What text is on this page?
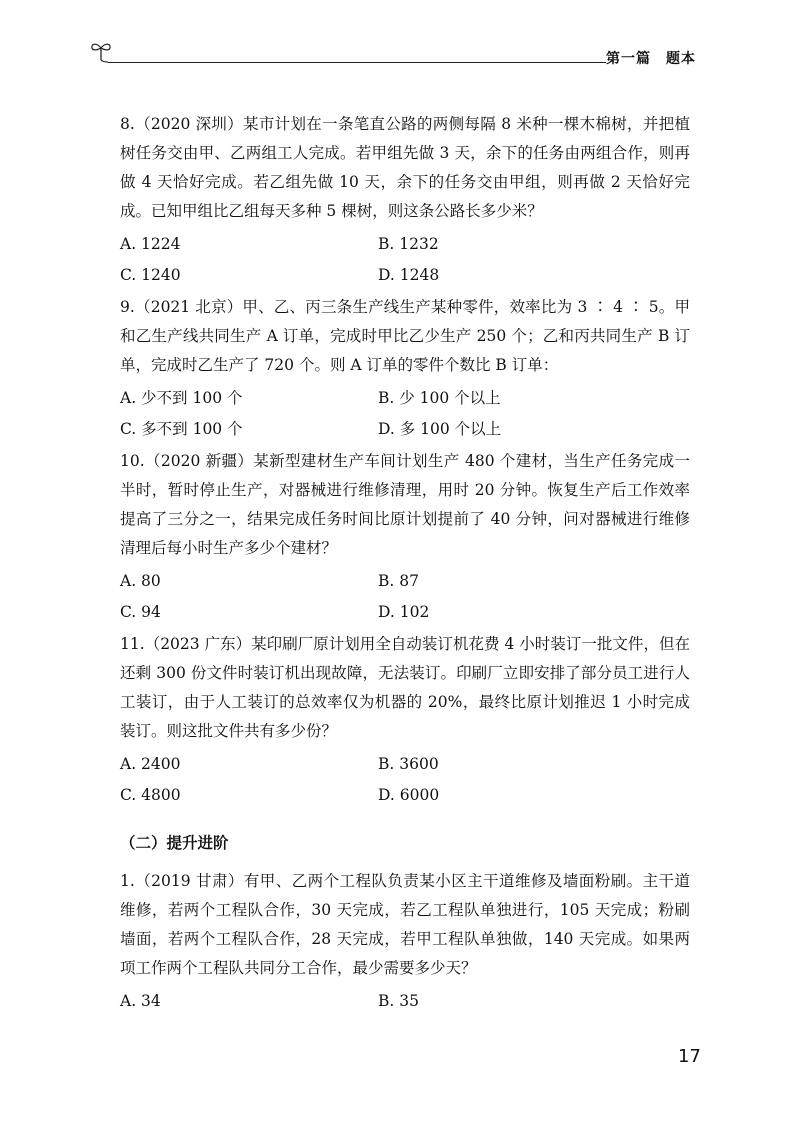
第一篇　题本

8.（2020 深圳）某市计划在一条笔直公路的两侧每隔 8 米种一棵木棉树，并把植树任务交由甲、乙两组工人完成。若甲组先做 3 天，余下的任务由两组合作，则再做 4 天恰好完成。若乙组先做 10 天，余下的任务交由甲组，则再做 2 天恰好完成。已知甲组比乙组每天多种 5 棵树，则这条公路长多少米？

A. 1224	B. 1232
C. 1240	D. 1248

9.（2021 北京）甲、乙、丙三条生产线生产某种零件，效率比为 3 ∶ 4 ∶ 5。甲和乙生产线共同生产 A 订单，完成时甲比乙少生产 250 个；乙和丙共同生产 B 订单，完成时乙生产了 720 个。则 A 订单的零件个数比 B 订单：

A. 少不到 100 个	B. 少 100 个以上
C. 多不到 100 个	D. 多 100 个以上

10.（2020 新疆）某新型建材生产车间计划生产 480 个建材，当生产任务完成一半时，暂时停止生产，对器械进行维修清理，用时 20 分钟。恢复生产后工作效率提高了三分之一，结果完成任务时间比原计划提前了 40 分钟，问对器械进行维修清理后每小时生产多少个建材？

A. 80	B. 87
C. 94	D. 102

11.（2023 广东）某印刷厂原计划用全自动装订机花费 4 小时装订一批文件，但在还剩 300 份文件时装订机出现故障，无法装订。印刷厂立即安排了部分员工进行人工装订，由于人工装订的总效率仅为机器的 20%，最终比原计划推迟 1 小时完成装订。则这批文件共有多少份？

A. 2400	B. 3600
C. 4800	D. 6000
（二）提升进阶

1.（2019 甘肃）有甲、乙两个工程队负责某小区主干道维修及墙面粉刷。主干道维修，若两个工程队合作，30 天完成，若乙工程队单独进行，105 天完成；粉刷墙面，若两个工程队合作，28 天完成，若甲工程队单独做，140 天完成。如果两项工作两个工程队共同分工合作，最少需要多少天？

A. 34	B. 35
17
